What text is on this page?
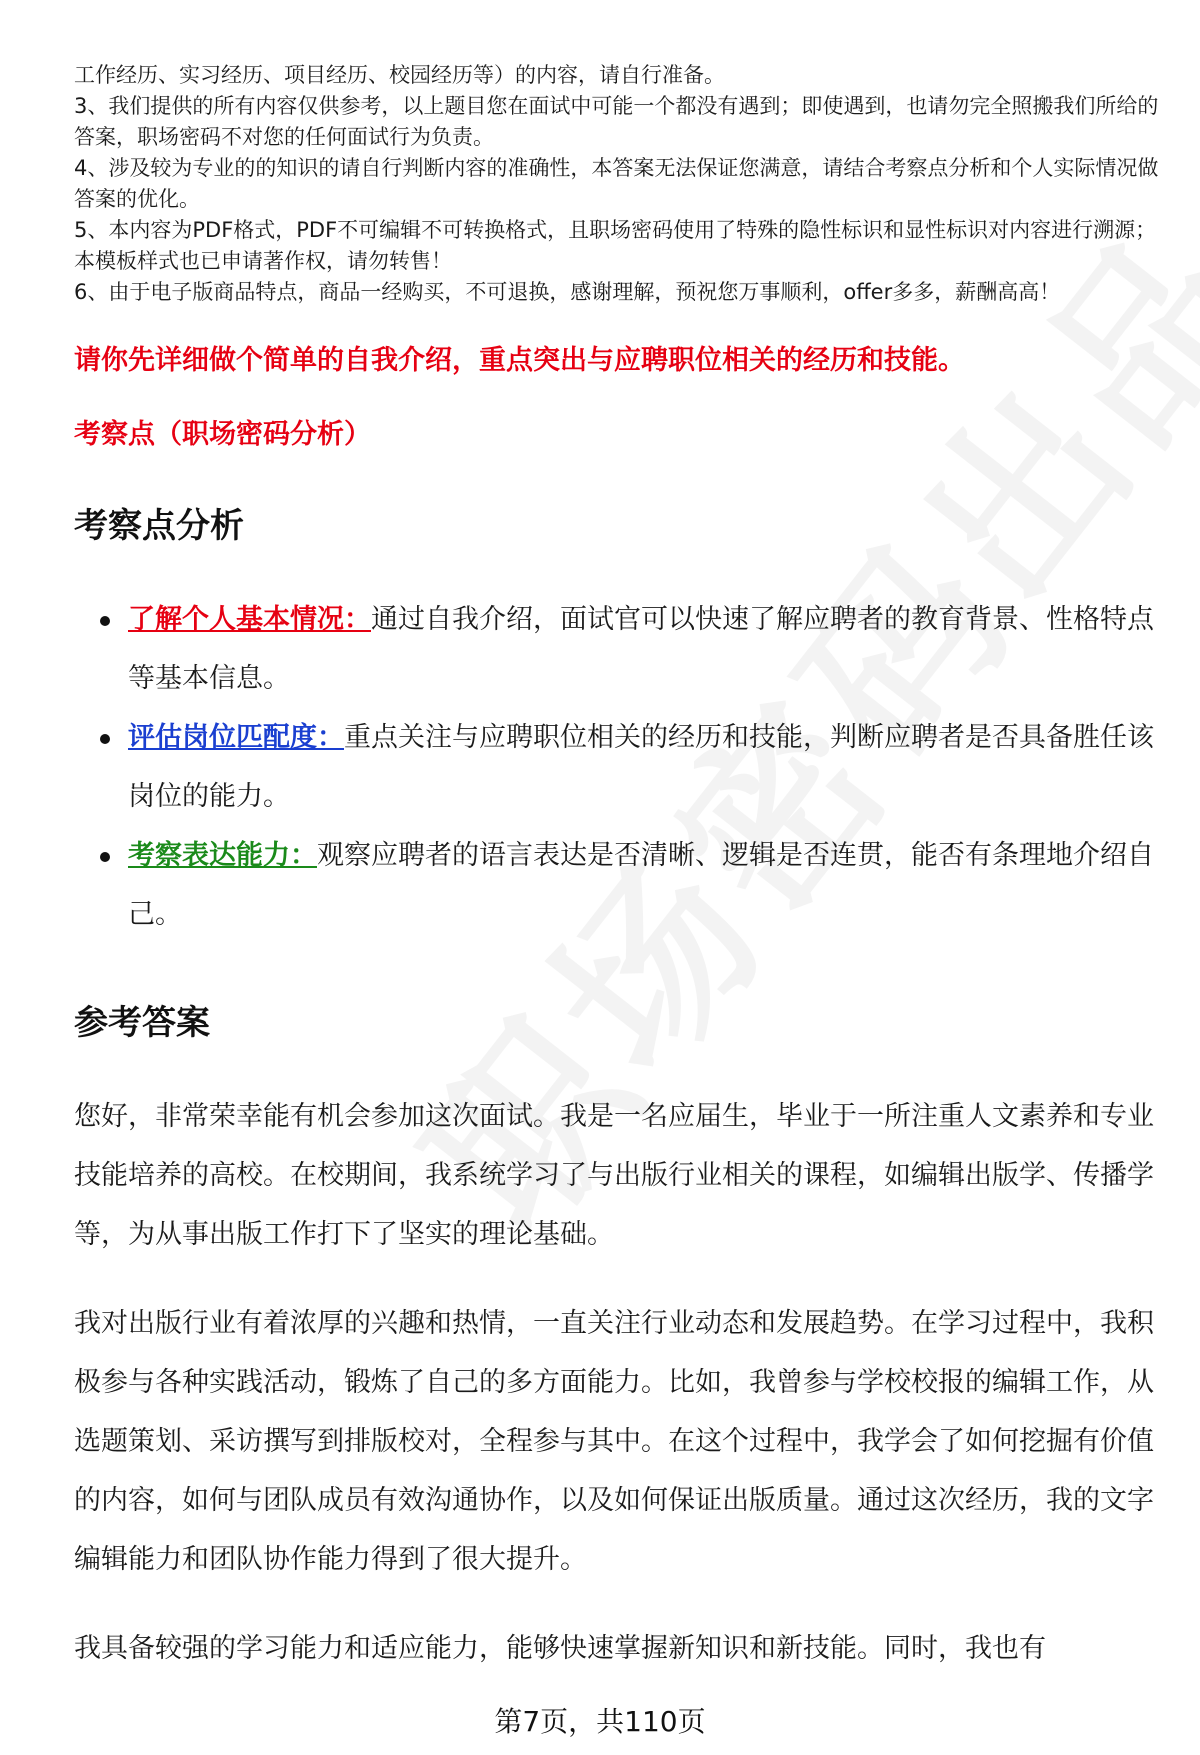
工作经历、实习经历、项目经历、校园经历等）的内容，请自行准备。

3、我们提供的所有内容仅供参考，以上题目您在面试中可能一个都没有遇到；即使遇到，也请勿完全照搬我们所给的答案，职场密码不对您的任何面试行为负责。

4、涉及较为专业的的知识的请自行判断内容的准确性，本答案无法保证您满意，请结合考察点分析和个人实际情况做答案的优化。

5、本内容为PDF格式，PDF不可编辑不可转换格式，且职场密码使用了特殊的隐性标识和显性标识对内容进行溯源；本模板样式也已申请著作权，请勿转售！

6、由于电子版商品特点，商品一经购买，不可退换，感谢理解，预祝您万事顺利，offer多多，薪酬高高！

请你先详细做个简单的自我介绍，重点突出与应聘职位相关的经历和技能。
考察点（职场密码分析）
考察点分析
了解个人基本情况：通过自我介绍，面试官可以快速了解应聘者的教育背景、性格特点等基本信息。
评估岗位匹配度：重点关注与应聘职位相关的经历和技能，判断应聘者是否具备胜任该岗位的能力。
考察表达能力：观察应聘者的语言表达是否清晰、逻辑是否连贯，能否有条理地介绍自己。
参考答案

您好，非常荣幸能有机会参加这次面试。我是一名应届生，毕业于一所注重人文素养和专业技能培养的高校。在校期间，我系统学习了与出版行业相关的课程，如编辑出版学、传播学等，为从事出版工作打下了坚实的理论基础。

我对出版行业有着浓厚的兴趣和热情，一直关注行业动态和发展趋势。在学习过程中，我积极参与各种实践活动，锻炼了自己的多方面能力。比如，我曾参与学校校报的编辑工作，从选题策划、采访撰写到排版校对，全程参与其中。在这个过程中，我学会了如何挖掘有价值的内容，如何与团队成员有效沟通协作，以及如何保证出版质量。通过这次经历，我的文字编辑能力和团队协作能力得到了很大提升。

我具备较强的学习能力和适应能力，能够快速掌握新知识和新技能。同时，我也有

第7页，共110页
